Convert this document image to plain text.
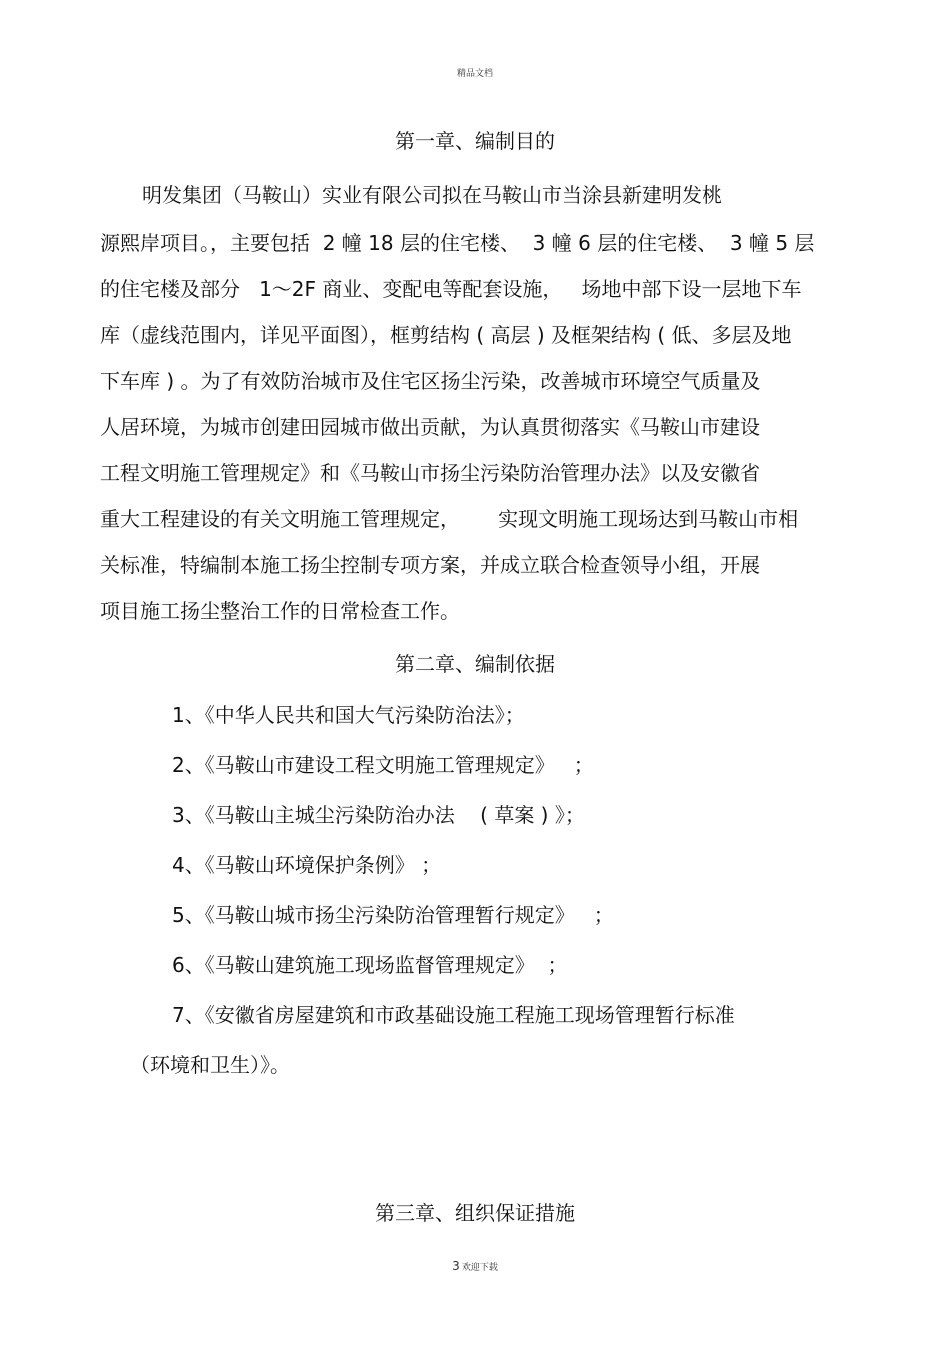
精品文档
第一章、编制目的
明发集团（马鞍山）实业有限公司拟在马鞍山市当涂县新建明发桃
源熙岸项目。，主要包括  2 幢 18 层的住宅楼、  3 幢 6 层的住宅楼、  3 幢 5 层
的住宅楼及部分   1～2F 商业、变配电等配套设施，   场地中部下设一层地下车
库（虚线范围内，详见平面图），框剪结构 ( 高层 ) 及框架结构 ( 低、多层及地
下车库 ) 。为了有效防治城市及住宅区扬尘污染，改善城市环境空气质量及
人居环境，为城市创建田园城市做出贡献，为认真贯彻落实《马鞍山市建设
工程文明施工管理规定》和《马鞍山市扬尘污染防治管理办法》以及安徽省
重大工程建设的有关文明施工管理规定，      实现文明施工现场达到马鞍山市相
关标准，特编制本施工扬尘控制专项方案，并成立联合检查领导小组，开展
项目施工扬尘整治工作的日常检查工作。
第二章、编制依据
1、《中华人民共和国大气污染防治法》；
2、《马鞍山市建设工程文明施工管理规定》   ；
3、《马鞍山主城尘污染防治办法    ( 草案 ) 》；
4、《马鞍山环境保护条例》 ；
5、《马鞍山城市扬尘污染防治管理暂行规定》   ；
6、《马鞍山建筑施工现场监督管理规定》  ；
7、《安徽省房屋建筑和市政基础设施工程施工现场管理暂行标准
（环境和卫生）》。
第三章、组织保证措施
3 欢迎下载
